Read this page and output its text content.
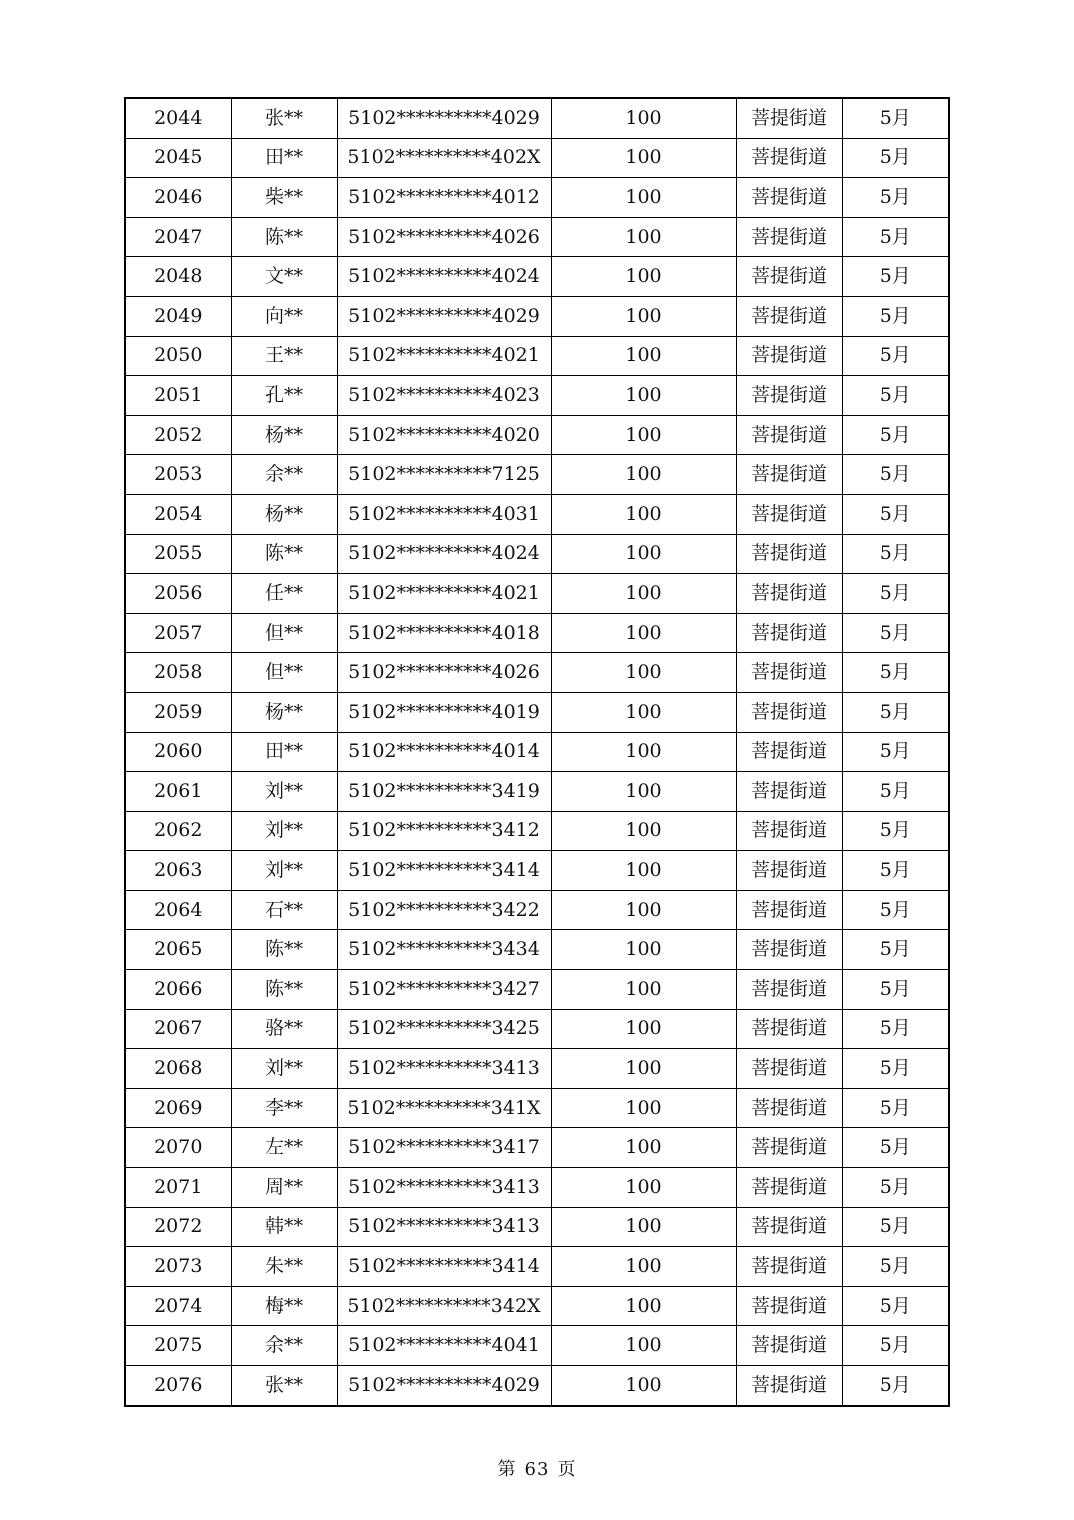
2044	张**	5102**********4029	100	菩提街道	5月
2045	田**	5102**********402X	100	菩提街道	5月
2046	柴**	5102**********4012	100	菩提街道	5月
2047	陈**	5102**********4026	100	菩提街道	5月
2048	文**	5102**********4024	100	菩提街道	5月
2049	向**	5102**********4029	100	菩提街道	5月
2050	王**	5102**********4021	100	菩提街道	5月
2051	孔**	5102**********4023	100	菩提街道	5月
2052	杨**	5102**********4020	100	菩提街道	5月
2053	余**	5102**********7125	100	菩提街道	5月
2054	杨**	5102**********4031	100	菩提街道	5月
2055	陈**	5102**********4024	100	菩提街道	5月
2056	任**	5102**********4021	100	菩提街道	5月
2057	但**	5102**********4018	100	菩提街道	5月
2058	但**	5102**********4026	100	菩提街道	5月
2059	杨**	5102**********4019	100	菩提街道	5月
2060	田**	5102**********4014	100	菩提街道	5月
2061	刘**	5102**********3419	100	菩提街道	5月
2062	刘**	5102**********3412	100	菩提街道	5月
2063	刘**	5102**********3414	100	菩提街道	5月
2064	石**	5102**********3422	100	菩提街道	5月
2065	陈**	5102**********3434	100	菩提街道	5月
2066	陈**	5102**********3427	100	菩提街道	5月
2067	骆**	5102**********3425	100	菩提街道	5月
2068	刘**	5102**********3413	100	菩提街道	5月
2069	李**	5102**********341X	100	菩提街道	5月
2070	左**	5102**********3417	100	菩提街道	5月
2071	周**	5102**********3413	100	菩提街道	5月
2072	韩**	5102**********3413	100	菩提街道	5月
2073	朱**	5102**********3414	100	菩提街道	5月
2074	梅**	5102**********342X	100	菩提街道	5月
2075	余**	5102**********4041	100	菩提街道	5月
2076	张**	5102**********4029	100	菩提街道	5月
第 63 页
